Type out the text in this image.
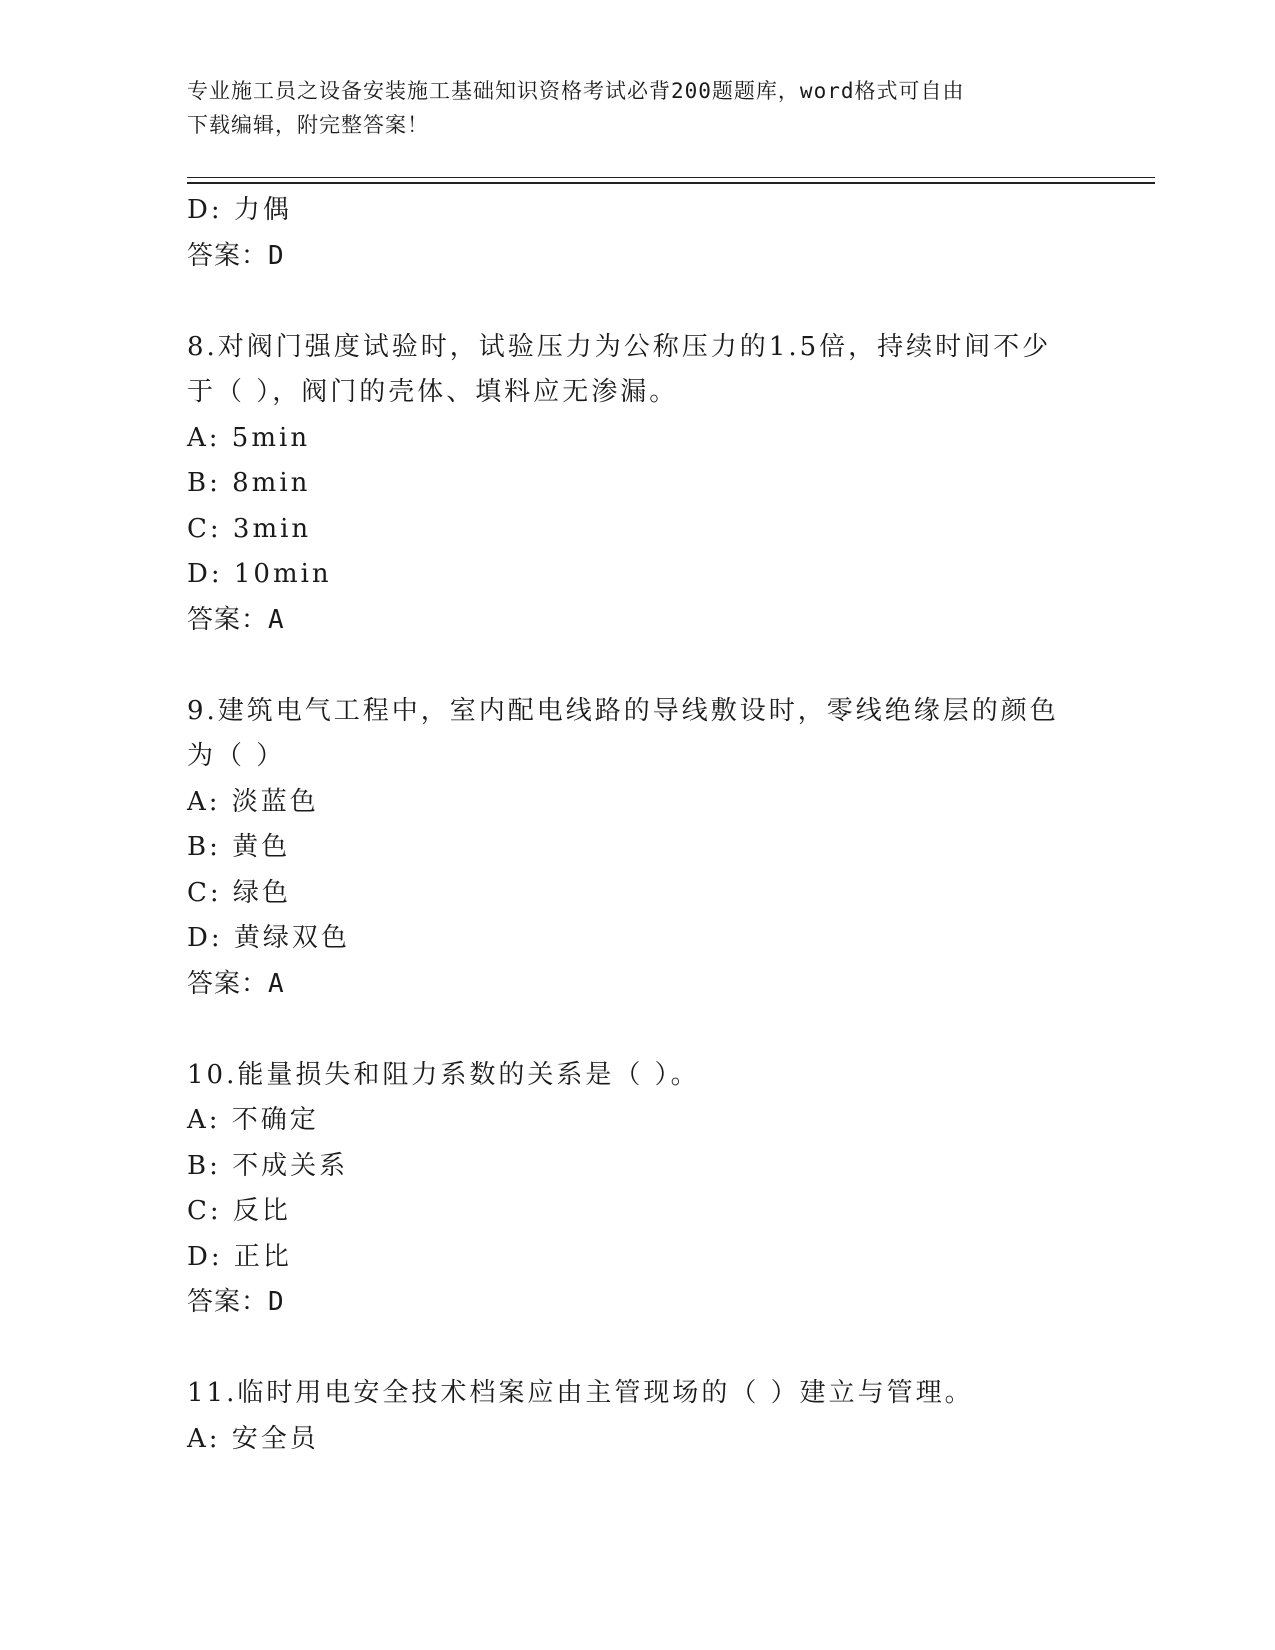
专业施工员之设备安装施工基础知识资格考试必背200题题库，word格式可自由
下载编辑，附完整答案！
D: 力偶
答案：D
8.对阀门强度试验时，试验压力为公称压力的1.5倍，持续时间不少
于（ ），阀门的壳体、填料应无渗漏。
A: 5min
B: 8min
C: 3min
D: 10min
答案：A
9.建筑电气工程中，室内配电线路的导线敷设时，零线绝缘层的颜色
为（ ）
A: 淡蓝色
B: 黄色
C: 绿色
D: 黄绿双色
答案：A
10.能量损失和阻力系数的关系是（ ）。
A: 不确定
B: 不成关系
C: 反比
D: 正比
答案：D
11.临时用电安全技术档案应由主管现场的（ ）建立与管理。
A: 安全员
